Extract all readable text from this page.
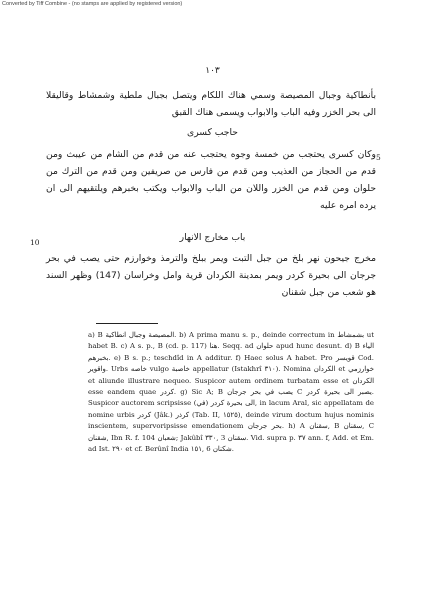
Converted by Tiff Combine - (no stamps are applied by registered version)
١٠٣
بأنطاكية وجبال المصيصة وسمي هناك اللكام ويتصل بجبال ملطية وشمشاط وقاليقلا الى بحر الخزر وفيه الباب والابواب ويسمى هناك القبق
حاجب كسرى
5
وكان كسرى يحتجب من خمسة وجوه يحتجب عنه من قدم من الشام من عيبث ومن قدم من الحجاز من العذيب ومن قدم من فارس من صريفين ومن قدم من الترك من حلوان ومن قدم من الخزر واللان من الباب والابواب ويكتب بخبرهم ويلتقيهم الى ان يرده امره عليه
10	باب مخارج الانهار
مخرج جيحون نهر بلخ من جبل التبت ويمر ببلخ والترمذ وخوارزم حتى يصب في بحر جرجان الى بحيرة كردر ويمر بمدينة الكردان قرية وامل وخراسان (147) وظهر السند هو شعب من جبل شقنان

a) B المصيصة وجبال انطاكية. b) A prima manu s. p., deinde correctum in بشمشاط ut habet B. c) A s. p., B (cd. p. 117) هنا. Seqq. ad حلوان apud hunc desunt. d) B الياء بخبرهم. e) B s. p.; teschdîd in A additur. f) Haec solus A habet. Pro قويسر Cod. واقوير. Urbs خاصه vulgo خاصبة appellatur (Istakhrî ٣١٠). Nomina الكردان et خوارزمي et aliunde illustrare nequeo. Suspicor autem ordinem turbatam esse et الكردان esse eandem quae كردر. g) Sic A; B يصب في بحر جرجان C يصبر الى بحيرة كردر. Suspicor auctorem scripsisse (في) الى بحيرة كردر, in lacum Aral, sic appellatam de nomine urbis كردر (Jâk.) كرذر (Tab. II, ١٥٢٥), deinde virum doctum hujus nominis inscientem, supervoripsisse emendationem بحر جرجان. h) A سقنان, B سقنان, C شقنان, Ibn R. f. 104 شعبان; Jakûbî ٣٣٠, 3 سقنان. Vid. supra p. ٣٧ ann. f, Add. et Em. ad Ist. ٢٩٠ et cf. Berûnî India ١٥١, 6 شكنان.
